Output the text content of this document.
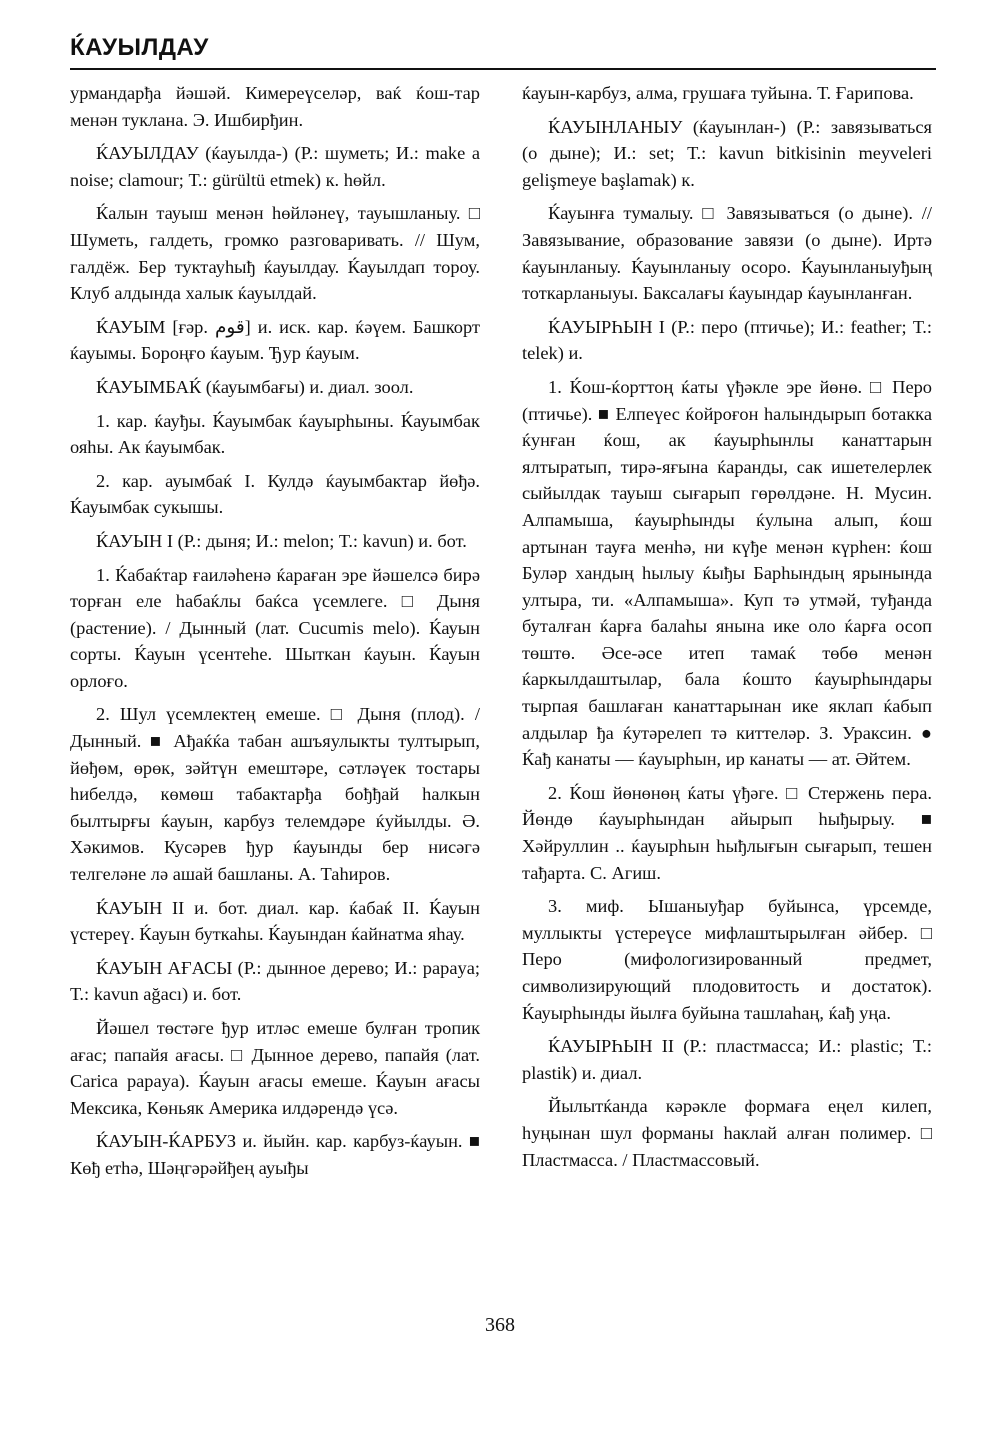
ЌАУЫЛДАУ

урмандарђа йәшәй. Кимереүселәр, ваќ ќош-тар менән туклана. Э. Ишбирђин.

ЌАУЫЛДАУ (ќауылда-) (Р.: шуметь; И.: make a noise; clamour; Т.: gürültü etmek) к. һөйл.

Ќалын тауыш менән һөйләнеү, тауышланыу. □ Шуметь, галдеть, громко разговаривать. // Шум, галдёж. Бер туктауһыђ ќауылдау. Ќауылдап тороу. Клуб алдында халык ќауылдай.

ЌАУЫМ [ғәр. قوم] и. иск. кар. ќәүем. Башкорт ќауымы. Бороңғо ќауым. Ђур ќауым.

ЌАУЫМБАЌ (ќауымбағы) и. диал. зоол.

1. кар. ќауђы. Ќауымбак ќауырһыны. Ќауымбак ояһы. Ак ќауымбак.

2. кар. ауымбаќ I. Кулдә ќауымбактар йөђә. Ќауымбак сукышы.

ЌАУЫН I (Р.: дыня; И.: melon; Т.: kavun) и. бот.

1. Ќабаќтар ғаиләһенә ќараған эре йәшелсә бирә торған еле һабаќлы баќса үсемлеге. □ Дыня (растение). / Дынный (лат. Cucumis melo). Ќауын сорты. Ќауын үсентеһе. Шыткан ќауын. Ќауын орлоғо.

2. Шул үсемлектең емеше. □ Дыня (плод). / Дынный. ■ Ађаќќа табан ашъяулыкты тултырып, йөђөм, өрөк, зәйтүн емештәре, сәтләүек тостары һибелдә, көмөш табактарђа бођђай һалкын былтырғы ќауын, карбуз телемдәре ќуйылды. Ә. Хәкимов. Кусәрев ђур ќауынды бер нисәгә телгеләне лә ашай башланы. А. Таһиров.

ЌАУЫН II и. бот. диал. кар. ќабаќ II. Ќауын үстереү. Ќауын буткаһы. Ќауындан ќайнатма яһау.

ЌАУЫН АҒАСЫ (Р.: дынное дерево; И.: papaya; Т.: kavun ağacı) и. бот.

Йәшел төстәге ђур итләс емеше булған тропик ағас; папайя ағасы. □ Дынное дерево, папайя (лат. Carica papaya). Ќауын ағасы емеше. Ќауын ағасы Мексика, Көньяк Америка илдәрендә үсә.

ЌАУЫН-ЌАРБУЗ и. йыйн. кар. карбуз-ќауын. ■ Көђ етһә, Шәңгәрәйђең ауыђы

ќауын-карбуз, алма, грушаға туйына. Т. Ғарипова.

ЌАУЫНЛАНЫУ (ќауынлан-) (Р.: завязываться (о дыне); И.: set; Т.: kavun bitkisinin meyveleri gelişmeye başlamak) к.

Ќауынға тумалыу. □ Завязываться (о дыне). // Завязывание, образование завязи (о дыне). Иртә ќауынланыу. Ќауынланыу осоро. Ќауынланыуђың тоткарланыуы. Баксалағы ќауындар ќауынланған.

ЌАУЫРҺЫН I (Р.: перо (птичье); И.: feather; Т.: telek) и.

1. Ќош-ќорттоң ќаты үђәкле эре йөнө. □ Перо (птичье). ■ Елпеүес ќойроғон һалындырып ботакка ќунған ќош, ак ќауырһынлы канаттарын ялтыратып, тирә-яғына ќаранды, сак ишетелерлек сыйылдак тауыш сығарып гөрөлдәне. Н. Мусин. Алпамыша, ќауырһынды ќулына алып, ќош артынан тауға менһә, ни күђе менән күрһен: ќош Буләр хандың һылыу ќыђы Барһындың ярынында ултыра, ти. «Алпамыша». Куп тә утмәй, туђанда буталған ќарға балаһы янына ике оло ќарға осоп төштө. Әсе-әсе итеп тамаќ төбө менән ќаркылдаштылар, бала ќошто ќауырһындары тырпая башлаған канаттарынан ике яклап ќабып алдылар ђа ќутәрелеп тә киттеләр. З. Ураксин. ● Ќађ канаты — ќауырһын, ир канаты — ат. Әйтем.

2. Ќош йөнөнөң ќаты үђәге. □ Стержень пера. Йөндө ќауырһындан айырып һыђырыу. ■ Хәйруллин .. ќауырһын һыђлығын сығарып, тешен тађарта. С. Агиш.

3. миф. Ышаныуђар буйынса, үрсемде, муллыкты үстереүсе мифлаштырылған әйбер. □ Перо (мифологизированный предмет, символизирующий плодовитость и достаток). Ќауырһынды йылға буйына ташлаһаң, ќађ уңа.

ЌАУЫРҺЫН II (Р.: пластмасса; И.: plastic; Т.: plastik) и. диал.

Йылытќанда кәрәкле формаға еңел килеп, һуңынан шул форманы һаклай алған полимер. □ Пластмасса. / Пластмассовый.

368
